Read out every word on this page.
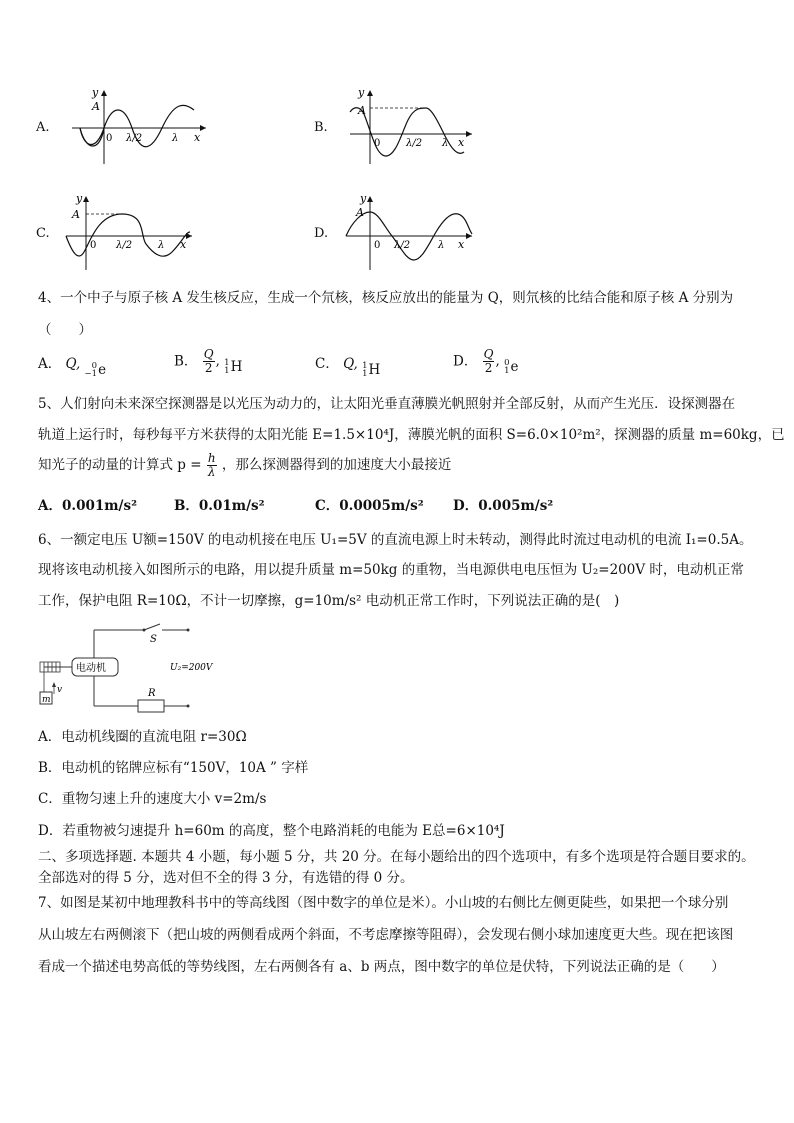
A.
y
A
0 λ/2	λ x
B.
y
A
0	λ/2 λ x
C.
y
A
0 λ/2	λ x
D.
y
A
0 λ/2	λ x
4、一个中子与原子核 A 发生核反应，生成一个氘核，核反应放出的能量为 Q，则氘核的比结合能和原子核 A 分别为
（　　）
A． Q,	0
−1 e
B． $\frac{Q}{2}$ , 1
1 H	C． Q, 1
1 H
D． $\frac{Q}{2}$ , 0
1 e
5、人们射向未来深空探测器是以光压为动力的，让太阳光垂直薄膜光帆照射并全部反射，从而产生光压．设探测器在
轨道上运行时，每秒每平方米获得的太阳光能 E=1.5×10⁴J，薄膜光帆的面积 S=6.0×10²m²，探测器的质量 m=60kg，已
知光子的动量的计算式 $p = \frac{h}{\lambda}$ ，那么探测器得到的加速度大小最接近
A．0.001m/s²	B．0.01m/s²	C．0.0005m/s² D．0.005m/s²
6、一额定电压 U额=150V 的电动机接在电压 U₁=5V 的直流电源上时未转动，测得此时流过电动机的电流 I₁=0.5A。
现将该电动机接入如图所示的电路，用以提升质量 m=50kg 的重物，当电源供电电压恒为 U₂=200V 时，电动机正常
工作，保护电阻 R=10Ω，不计一切摩擦，g=10m/s² 电动机正常工作时，下列说法正确的是(　)
电动机
m
v
S
R
U₂=200V
A．电动机线圈的直流电阻 r=30Ω
B．电动机的铭牌应标有“150V，10A ” 字样
C．重物匀速上升的速度大小 v=2m/s
D．若重物被匀速提升 h=60m 的高度，整个电路消耗的电能为 E总=6×10⁴J
二、多项选择题. 本题共 4 小题，每小题 5 分，共 20 分。在每小题给出的四个选项中，有多个选项是符合题目要求的。
全部选对的得 5 分，选对但不全的得 3 分，有选错的得 0 分。
7、如图是某初中地理教科书中的等高线图（图中数字的单位是米）。小山坡的右侧比左侧更陡些，如果把一个球分别
从山坡左右两侧滚下（把山坡的两侧看成两个斜面，不考虑摩擦等阻碍），会发现右侧小球加速度更大些。现在把该图
看成一个描述电势高低的等势线图，左右两侧各有 a、b 两点，图中数字的单位是伏特，下列说法正确的是（　　）
